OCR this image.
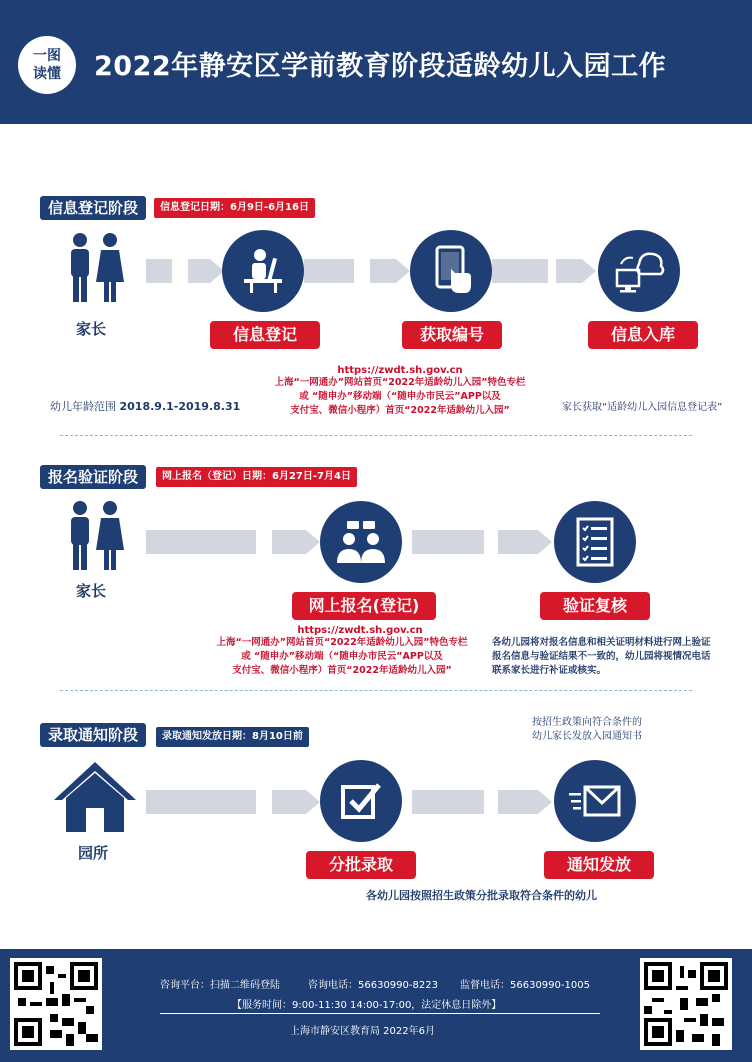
一图
读懂 2022年静安区学前教育阶段适龄幼儿入园工作
信息登记阶段	信息登记日期：6月9日-6月16日
家长	信息登记	获取编号	信息入库
https://zwdt.sh.gov.cn
上海“一网通办”网站首页“2022年适龄幼儿入园”特色专栏
或 “随申办”移动端（“随申办市民云”APP以及
支付宝、微信小程序）首页“2022年适龄幼儿入园”
幼儿年龄范围 2018.9.1-2019.8.31	家长获取“适龄幼儿入园信息登记表”
报名验证阶段	网上报名（登记）日期：6月27日-7月4日
家长
网上报名(登记)	验证复核
https://zwdt.sh.gov.cn
上海“一网通办”网站首页“2022年适龄幼儿入园”特色专栏
或 “随申办”移动端（“随申办市民云”APP以及
支付宝、微信小程序）首页“2022年适龄幼儿入园”
各幼儿园将对报名信息和相关证明材料进行网上验证
报名信息与验证结果不一致的，幼儿园将视情况电话
联系家长进行补证或核实。
录取通知阶段	录取通知发放日期：8月10日前
按招生政策向符合条件的
幼儿家长发放入园通知书
园所
分批录取	通知发放
各幼儿园按照招生政策分批录取符合条件的幼儿
咨询平台：扫描二维码登陆	咨询电话：56630990-8223 监督电话：56630990-1005
【服务时间：9:00-11:30 14:00-17:00，法定休息日除外】
上海市静安区教育局 2022年6月
